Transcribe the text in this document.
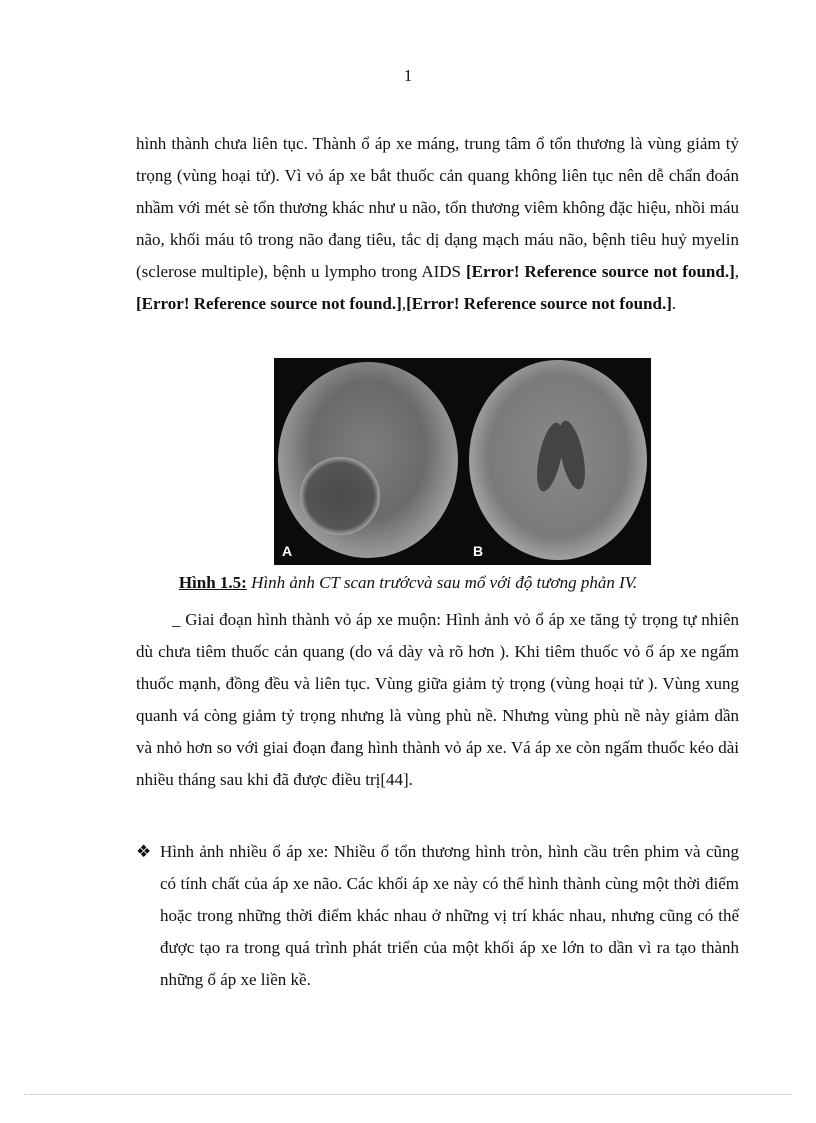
1

hình thành chưa liên tục. Thành ổ áp xe máng, trung tâm ổ tổn thương là vùng giảm tỷ trọng (vùng hoại tử). Vì vỏ áp xe bắt thuốc cản quang không liên tục nên dễ chẩn đoán nhầm với mét sè tổn thương khác như u não, tổn thương viêm không đặc hiệu, nhồi máu não, khối máu tô trong não đang tiêu, tắc dị dạng mạch máu não, bệnh tiêu huỷ myelin (sclerose multiple), bệnh u lympho trong AIDS [Error! Reference source not found.], [Error! Reference source not found.],[Error! Reference source not found.].

A	B
Hình 1.5: Hình ảnh CT scan trướcvà sau mổ với độ tương phản IV.

_ Giai đoạn hình thành vỏ áp xe muộn: Hình ảnh vỏ ổ áp xe tăng tỷ trọng tự nhiên dù chưa tiêm thuốc cản quang (do vá dày và rõ hơn ). Khi tiêm thuốc vỏ ổ áp xe ngấm thuốc mạnh, đồng đều và liên tục. Vùng giữa giảm tỷ trọng (vùng hoại tử ). Vùng xung quanh vá còng giảm tỷ trọng nhưng là vùng phù nề. Nhưng vùng phù nề này giảm dần và nhỏ hơn so với giai đoạn đang hình thành vỏ áp xe. Vá áp xe còn ngấm thuốc kéo dài nhiều tháng sau khi đã được điều trị[44].

❖ Hình ảnh nhiều ổ áp xe: Nhiều ổ tổn thương hình tròn, hình cầu trên phim và cũng có tính chất của áp xe não. Các khối áp xe này có thể hình thành cùng một thời điểm hoặc trong những thời điểm khác nhau ở những vị trí khác nhau, nhưng cũng có thể được tạo ra trong quá trình phát triển của một khối áp xe lớn to dần vì ra tạo thành những ổ áp xe liền kề.
